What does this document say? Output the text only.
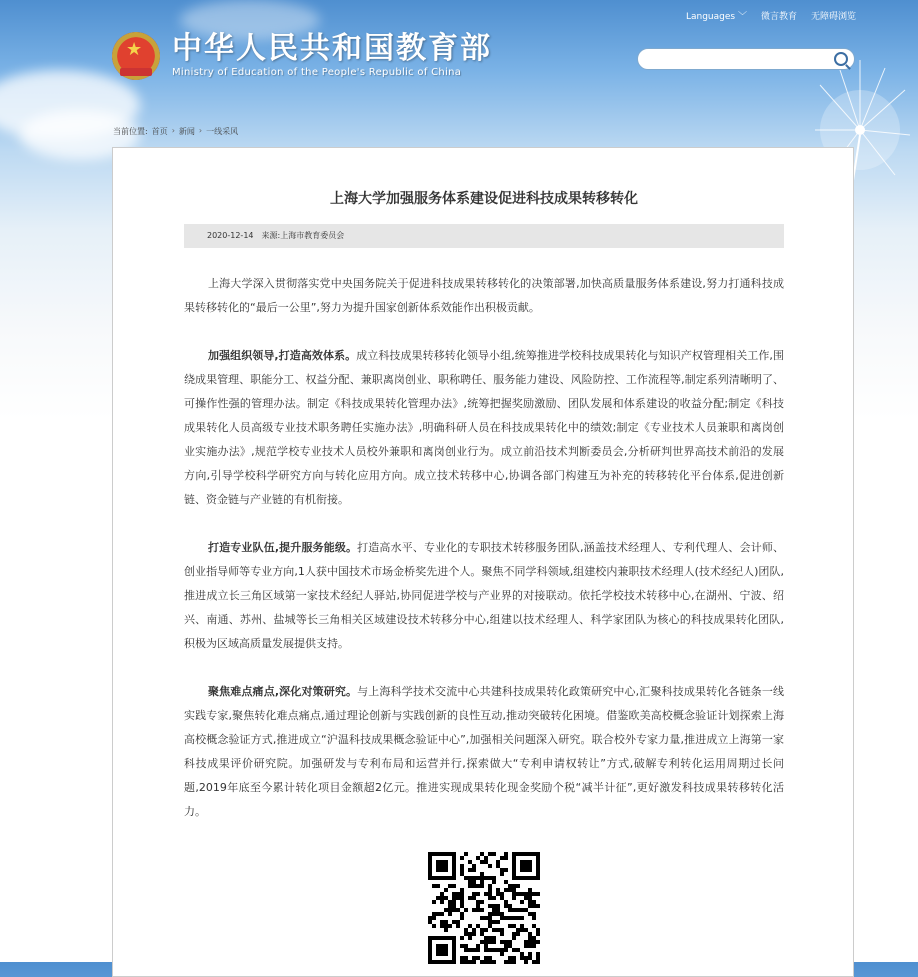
Languages ﹀ 微言教育 无障碍浏览
★ 中华人民共和国教育部
Ministry of Education of the People's Republic of China
当前位置: 首页 › 新闻 › 一线采风
上海大学加强服务体系建设促进科技成果转移转化
2020-12-14 来源:上海市教育委员会

上海大学深入贯彻落实党中央国务院关于促进科技成果转移转化的决策部署,加快高质量服务体系建设,努力打通科技成果转移转化的“最后一公里”,努力为提升国家创新体系效能作出积极贡献。

加强组织领导,打造高效体系。成立科技成果转移转化领导小组,统筹推进学校科技成果转化与知识产权管理相关工作,围绕成果管理、职能分工、权益分配、兼职离岗创业、职称聘任、服务能力建设、风险防控、工作流程等,制定系列清晰明了、可操作性强的管理办法。制定《科技成果转化管理办法》,统筹把握奖励激励、团队发展和体系建设的收益分配;制定《科技成果转化人员高级专业技术职务聘任实施办法》,明确科研人员在科技成果转化中的绩效;制定《专业技术人员兼职和离岗创业实施办法》,规范学校专业技术人员校外兼职和离岗创业行为。成立前沿技术判断委员会,分析研判世界高技术前沿的发展方向,引导学校科学研究方向与转化应用方向。成立技术转移中心,协调各部门构建互为补充的转移转化平台体系,促进创新链、资金链与产业链的有机衔接。

打造专业队伍,提升服务能级。打造高水平、专业化的专职技术转移服务团队,涵盖技术经理人、专利代理人、会计师、创业指导师等专业方向,1人获中国技术市场金桥奖先进个人。聚焦不同学科领域,组建校内兼职技术经理人(技术经纪人)团队,推进成立长三角区域第一家技术经纪人驿站,协同促进学校与产业界的对接联动。依托学校技术转移中心,在湖州、宁波、绍兴、南通、苏州、盐城等长三角相关区域建设技术转移分中心,组建以技术经理人、科学家团队为核心的科技成果转化团队,积极为区域高质量发展提供支持。

聚焦难点痛点,深化对策研究。与上海科学技术交流中心共建科技成果转化政策研究中心,汇聚科技成果转化各链条一线实践专家,聚焦转化难点痛点,通过理论创新与实践创新的良性互动,推动突破转化困境。借鉴欧美高校概念验证计划探索上海高校概念验证方式,推进成立“沪温科技成果概念验证中心”,加强相关问题深入研究。联合校外专家力量,推进成立上海第一家科技成果评价研究院。加强研发与专利布局和运营并行,探索做大“专利申请权转让”方式,破解专利转化运用周期过长问题,2019年底至今累计转化项目金额超2亿元。推进实现成果转化现金奖励个税“减半计征”,更好激发科技成果转移转化活力。
